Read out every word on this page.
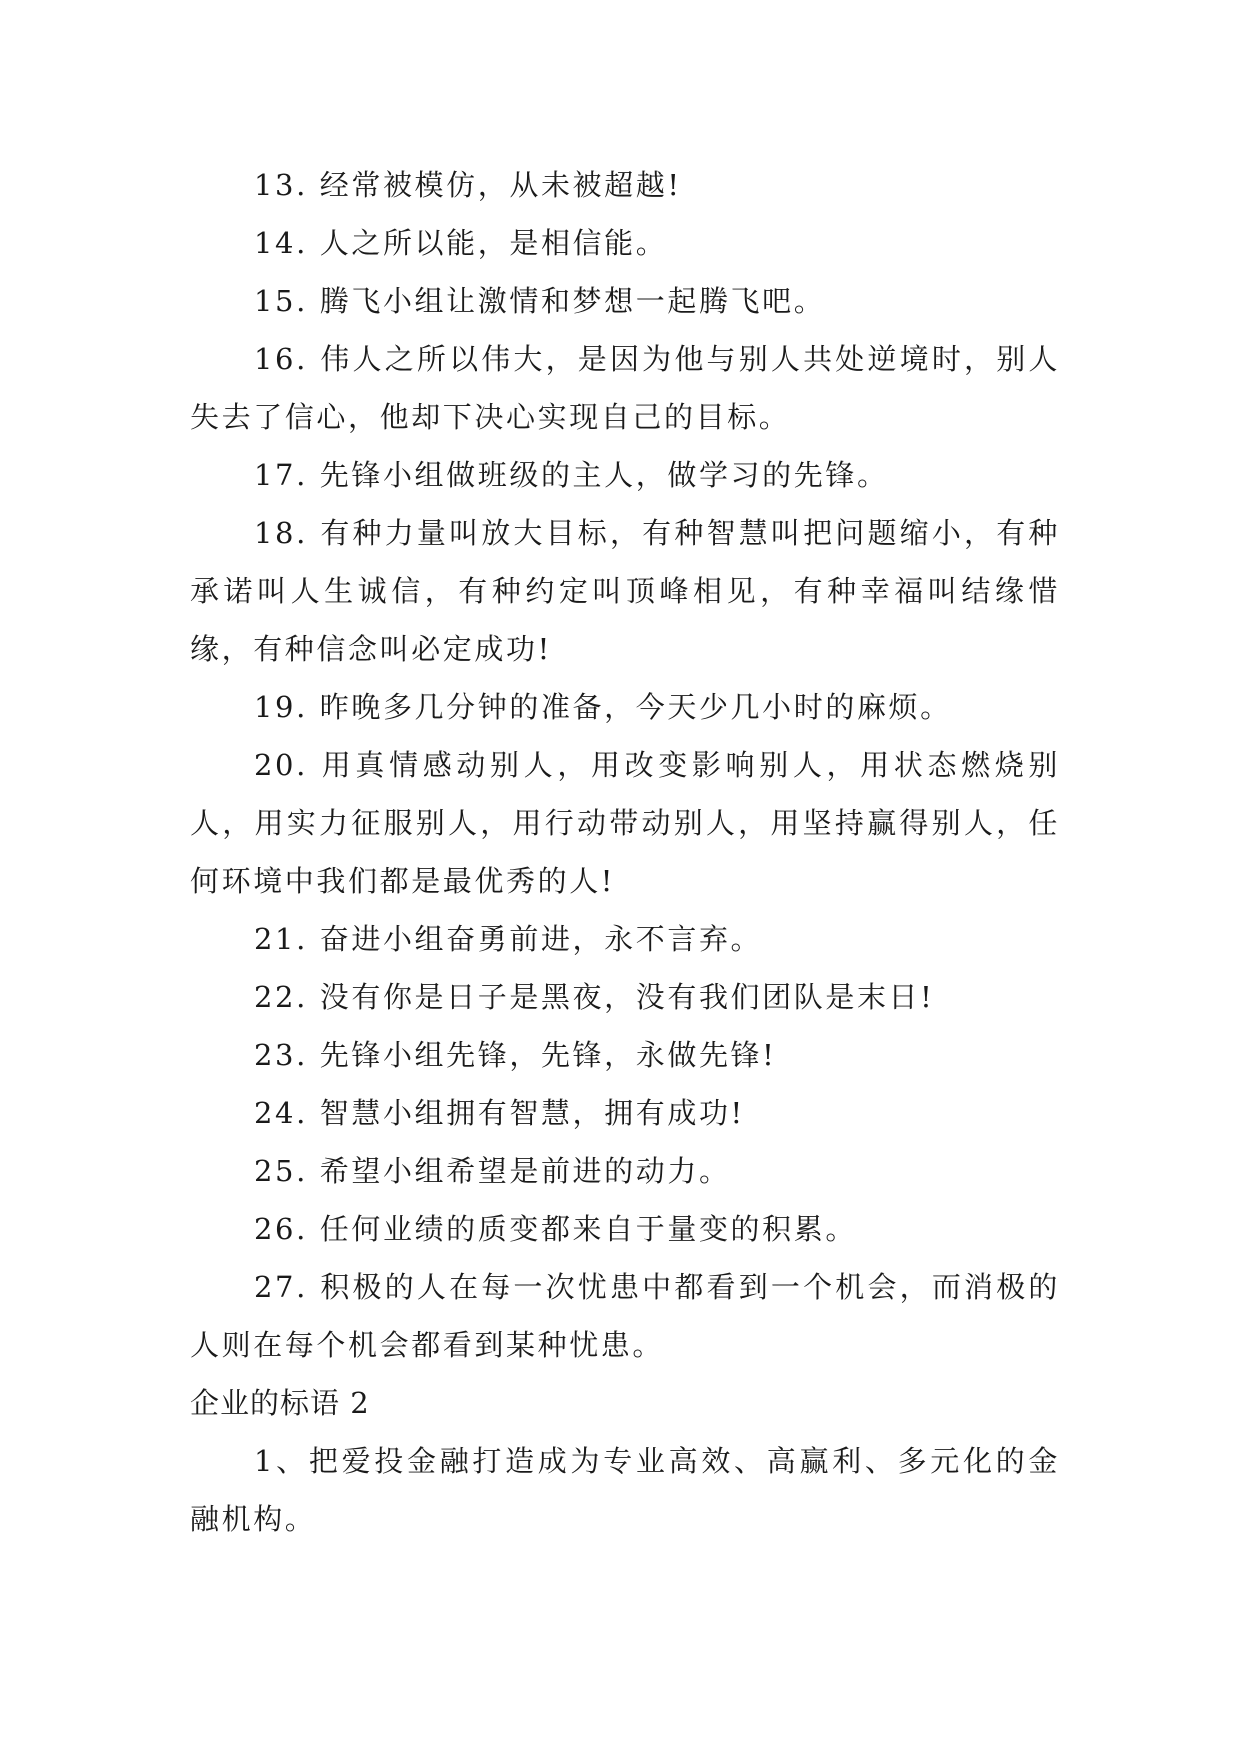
13. 经常被模仿，从未被超越!

14. 人之所以能，是相信能。

15. 腾飞小组让激情和梦想一起腾飞吧。

16. 伟人之所以伟大，是因为他与别人共处逆境时，别人失去了信心，他却下决心实现自己的目标。

17. 先锋小组做班级的主人，做学习的先锋。

18. 有种力量叫放大目标，有种智慧叫把问题缩小，有种承诺叫人生诚信，有种约定叫顶峰相见，有种幸福叫结缘惜缘，有种信念叫必定成功!

19. 昨晚多几分钟的准备，今天少几小时的麻烦。

20. 用真情感动别人，用改变影响别人，用状态燃烧别人，用实力征服别人，用行动带动别人，用坚持赢得别人，任何环境中我们都是最优秀的人!

21. 奋进小组奋勇前进，永不言弃。

22. 没有你是日子是黑夜，没有我们团队是末日!

23. 先锋小组先锋，先锋，永做先锋!

24. 智慧小组拥有智慧，拥有成功!

25. 希望小组希望是前进的动力。

26. 任何业绩的质变都来自于量变的积累。

27. 积极的人在每一次忧患中都看到一个机会，而消极的人则在每个机会都看到某种忧患。

企业的标语 2

1、把爱投金融打造成为专业高效、高赢利、多元化的金融机构。
